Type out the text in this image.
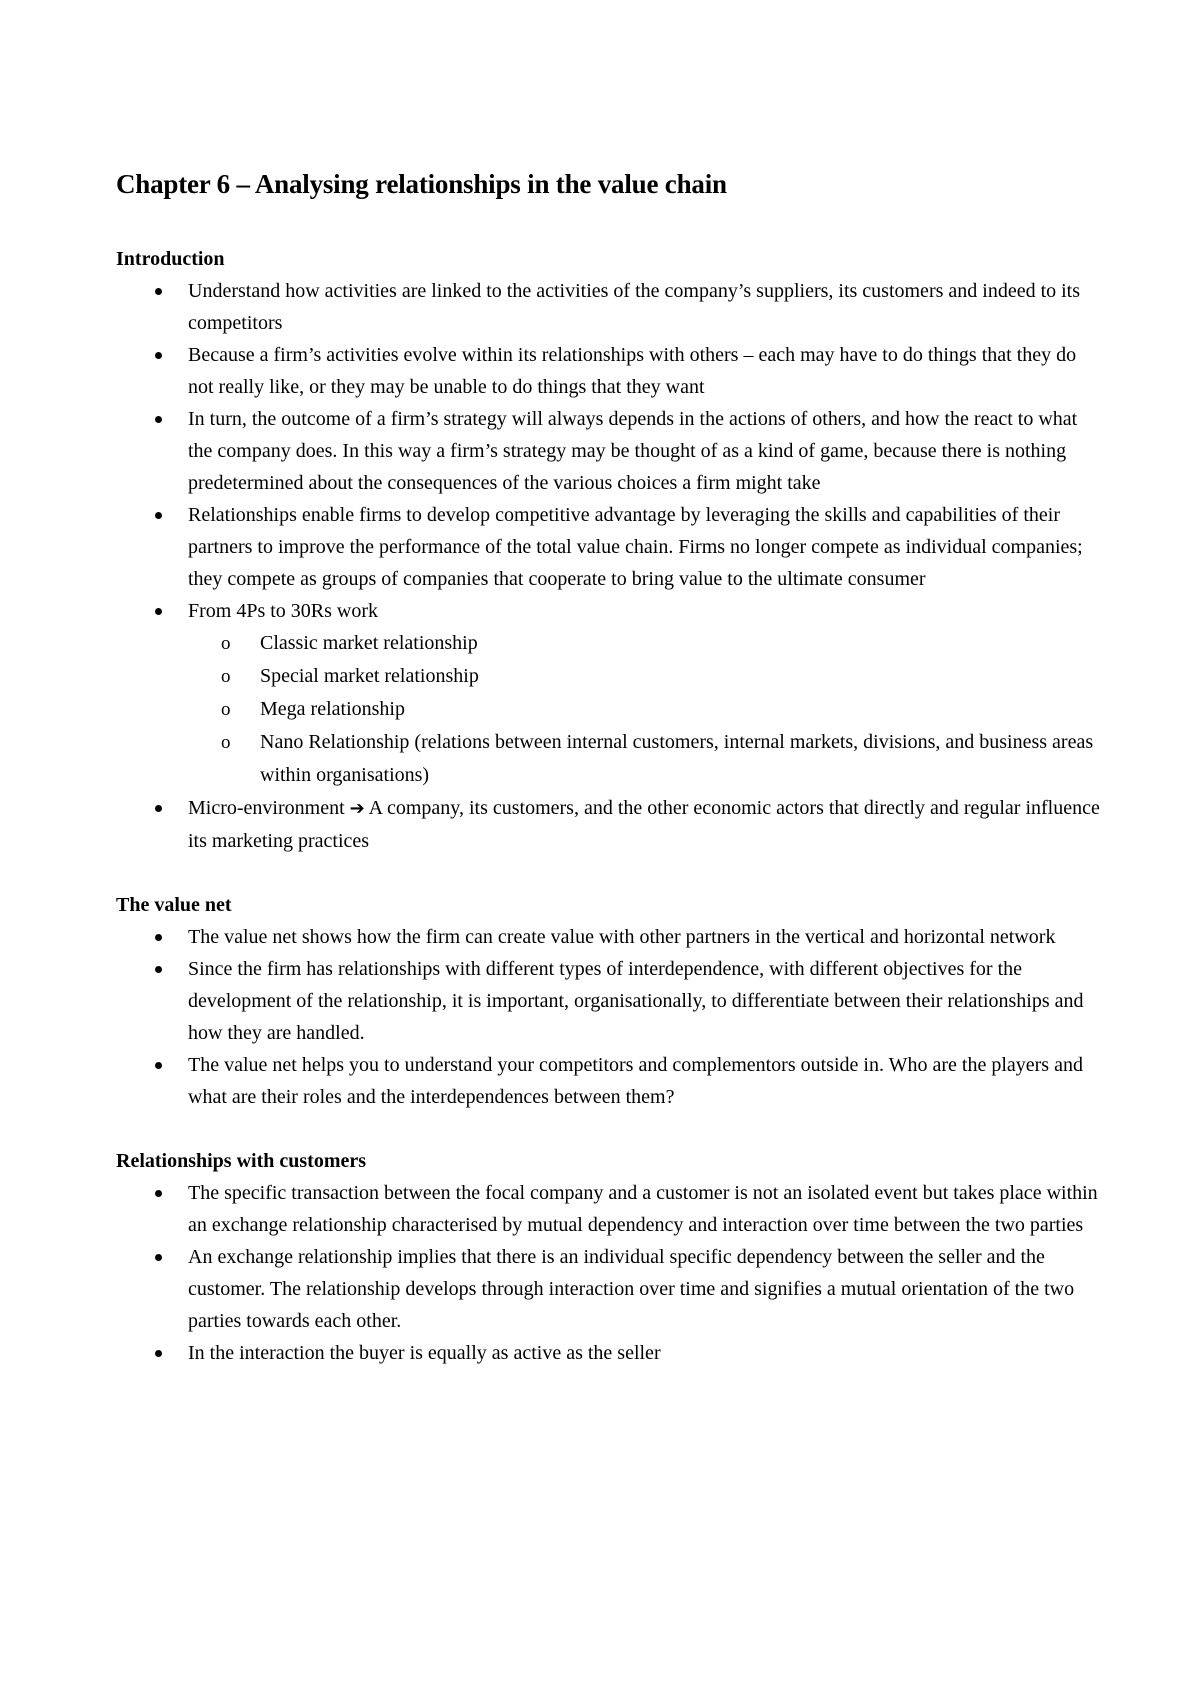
Chapter 6 – Analysing relationships in the value chain
Introduction
Understand how activities are linked to the activities of the company’s suppliers, its customers and indeed to its competitors
Because a firm’s activities evolve within its relationships with others – each may have to do things that they do not really like, or they may be unable to do things that they want
In turn, the outcome of a firm’s strategy will always depends in the actions of others, and how the react to what the company does. In this way a firm’s strategy may be thought of as a kind of game, because there is nothing predetermined about the consequences of the various choices a firm might take
Relationships enable firms to develop competitive advantage by leveraging the skills and capabilities of their partners to improve the performance of the total value chain. Firms no longer compete as individual companies; they compete as groups of companies that cooperate to bring value to the ultimate consumer
From 4Ps to 30Rs work
o	Classic market relationship
o	Special market relationship
o	Mega relationship
o	Nano Relationship (relations between internal customers, internal markets, divisions, and business areas within organisations)
Micro-environment ➔ A company, its customers, and the other economic actors that directly and regular influence its marketing practices
The value net
The value net shows how the firm can create value with other partners in the vertical and horizontal network
Since the firm has relationships with different types of interdependence, with different objectives for the development of the relationship, it is important, organisationally, to differentiate between their relationships and how they are handled.
The value net helps you to understand your competitors and complementors outside in. Who are the players and what are their roles and the interdependences between them?
Relationships with customers
The specific transaction between the focal company and a customer is not an isolated event but takes place within an exchange relationship characterised by mutual dependency and interaction over time between the two parties
An exchange relationship implies that there is an individual specific dependency between the seller and the customer. The relationship develops through interaction over time and signifies a mutual orientation of the two parties towards each other.
In the interaction the buyer is equally as active as the seller
